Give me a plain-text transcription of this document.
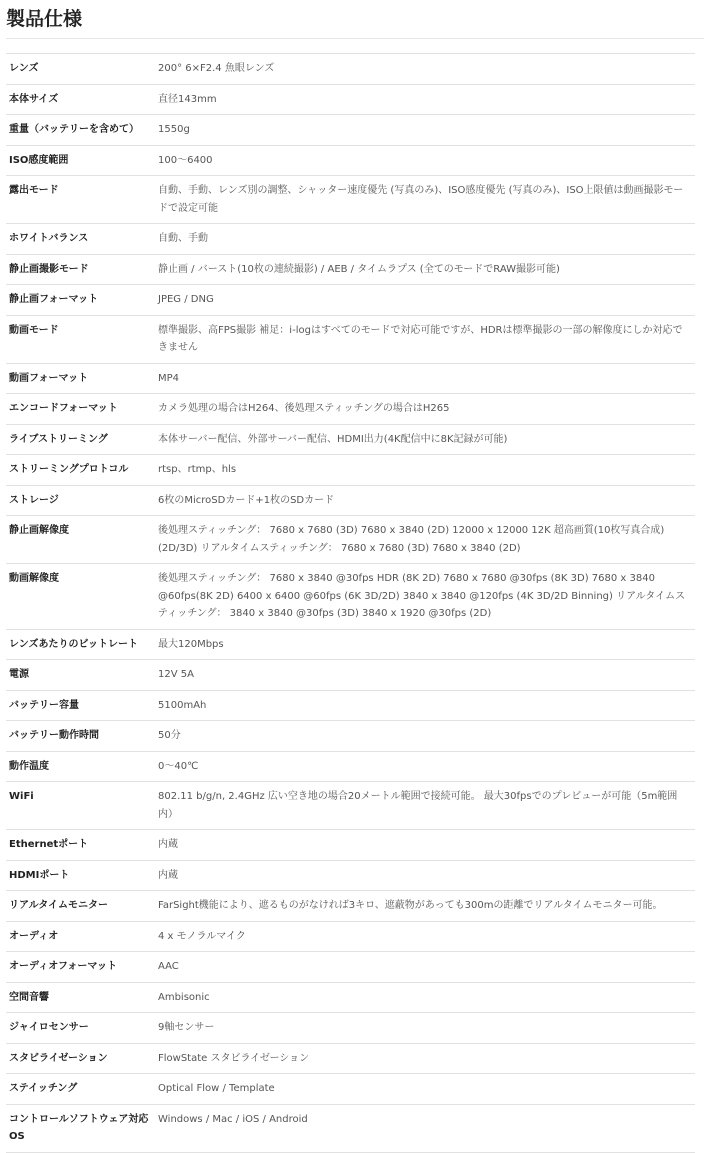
製品仕様
レンズ	200° 6×F2.4 魚眼レンズ
本体サイズ	直径143mm
重量（バッテリーを含めて）	1550g
ISO感度範囲	100〜6400
露出モード	自動、手動、レンズ別の調整、シャッター速度優先 (写真のみ)、ISO感度優先 (写真のみ)、ISO上限値は動画撮影モードで設定可能
ホワイトバランス	自動、手動
静止画撮影モード	静止画 / バースト(10枚の連続撮影) / AEB / タイムラプス (全てのモードでRAW撮影可能)
静止画フォーマット	JPEG / DNG
動画モード	標準撮影、高FPS撮影 補足：i-logはすべてのモードで対応可能ですが、HDRは標準撮影の一部の解像度にしか対応できません
動画フォーマット	MP4
エンコードフォーマット	カメラ処理の場合はH264、後処理スティッチングの場合はH265
ライブストリーミング	本体サーバー配信、外部サーバー配信、HDMI出力(4K配信中に8K記録が可能)
ストリーミングプロトコル	rtsp、rtmp、hls
ストレージ	6枚のMicroSDカード+1枚のSDカード
静止画解像度	後処理スティッチング： 7680 x 7680 (3D) 7680 x 3840 (2D) 12000 x 12000 12K 超高画質(10枚写真合成)(2D/3D) リアルタイムスティッチング： 7680 x 7680 (3D) 7680 x 3840 (2D)
動画解像度	後処理スティッチング： 7680 x 3840 @30fps HDR (8K 2D) 7680 x 7680 @30fps (8K 3D) 7680 x 3840 @60fps(8K 2D) 6400 x 6400 @60fps (6K 3D/2D) 3840 x 3840 @120fps (4K 3D/2D Binning) リアルタイムスティッチング： 3840 x 3840 @30fps (3D) 3840 x 1920 @30fps (2D)
レンズあたりのビットレート	最大120Mbps
電源	12V 5A
バッテリー容量	5100mAh
バッテリー動作時間	50分
動作温度	0〜40℃
WiFi	802.11 b/g/n, 2.4GHz 広い空き地の場合20メートル範囲で接続可能。 最大30fpsでのプレビューが可能（5m範囲内）
Ethernetポート	内蔵
HDMIポート	内蔵
リアルタイムモニター	FarSight機能により、遮るものがなければ3キロ、遮蔽物があっても300mの距離でリアルタイムモニター可能。
オーディオ	4 x モノラルマイク
オーディオフォーマット	AAC
空間音響	Ambisonic
ジャイロセンサー	9軸センサー
スタビライゼーション	FlowState スタビライゼーション
ステイッチング	Optical Flow / Template
コントロールソフトウェア対応OS	Windows / Mac / iOS / Android
